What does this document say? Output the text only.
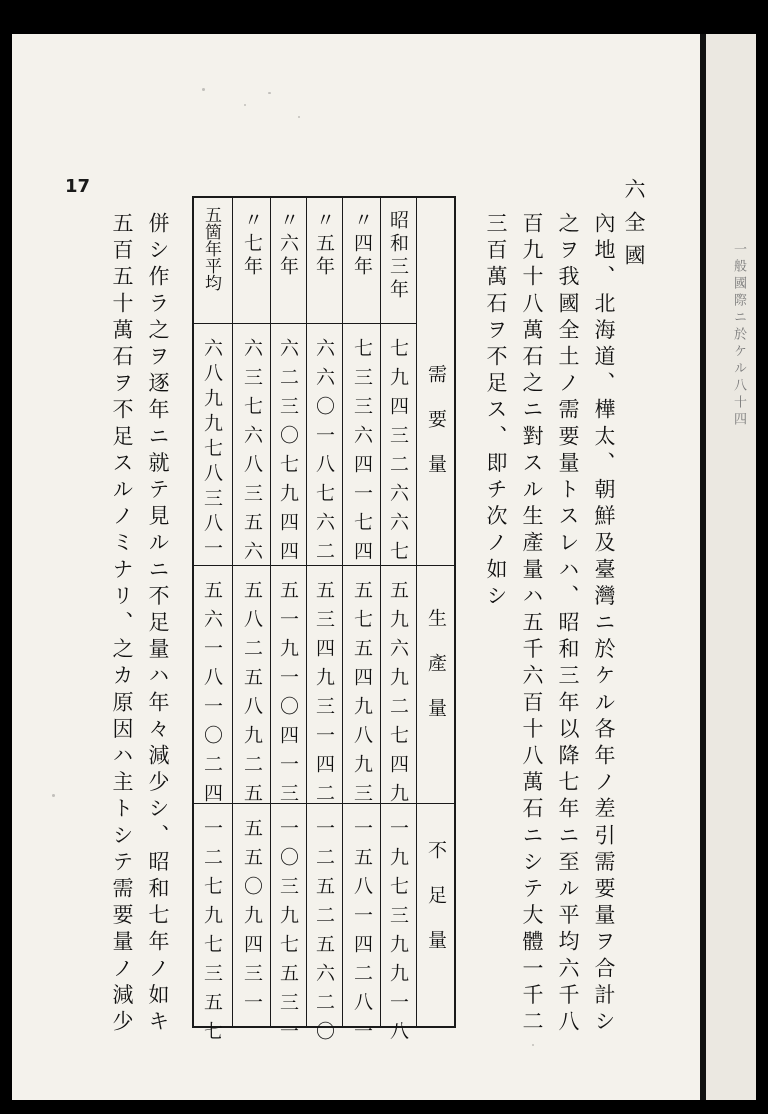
一般國際ニ於ケル八十四
17	六全國
內地、北海道、樺太、朝鮮及臺灣ニ於ケル各年ノ差引需要量ヲ合計シ
之ヲ我國全土ノ需要量トスレハ、昭和三年以降七年ニ至ル平均六千八
百九十八萬石之ニ對スル生產量ハ五千六百十八萬石ニシテ大體一千二
三百萬石ヲ不足ス、即チ次ノ如シ
需要量
生產量
不足量
昭和三年
七九四三二六六七
五九六九二七四九
一九七三九九一八
〃四年
七三三六四一七四
五七五四九八九三
一五八一四二八一
〃五年
六六〇一八七六二
五三四九三一四二
一二五二五六二〇
〃六年
六二三〇七九四四
五一九一〇四一三
一〇三九七五三一
〃七年
六三七六八三五六
五八二五八九二五
五五〇九四三一
五箇年平均
六八九九七八三八一
五六一八一〇二四
一二七九七三五七
併シ作ラ之ヲ逐年ニ就テ見ルニ不足量ハ年々減少シ、昭和七年ノ如キ
五百五十萬石ヲ不足スルノミナリ、之カ原因ハ主トシテ需要量ノ減少
